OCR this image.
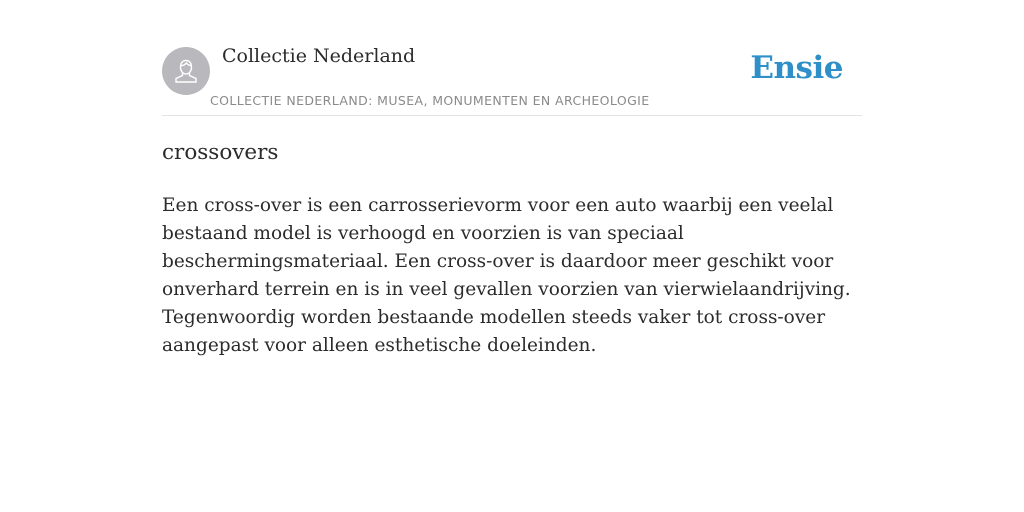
Collectie Nederland
COLLECTIE NEDERLAND: MUSEA, MONUMENTEN EN ARCHEOLOGIE
Ensie
crossovers

Een cross-over is een carrosserievorm voor een auto waarbij een veelal bestaand model is verhoogd en voorzien is van speciaal beschermingsmateriaal. Een cross-over is daardoor meer geschikt voor onverhard terrein en is in veel gevallen voorzien van vierwielaandrijving. Tegenwoordig worden bestaande modellen steeds vaker tot cross-over aangepast voor alleen esthetische doeleinden.
